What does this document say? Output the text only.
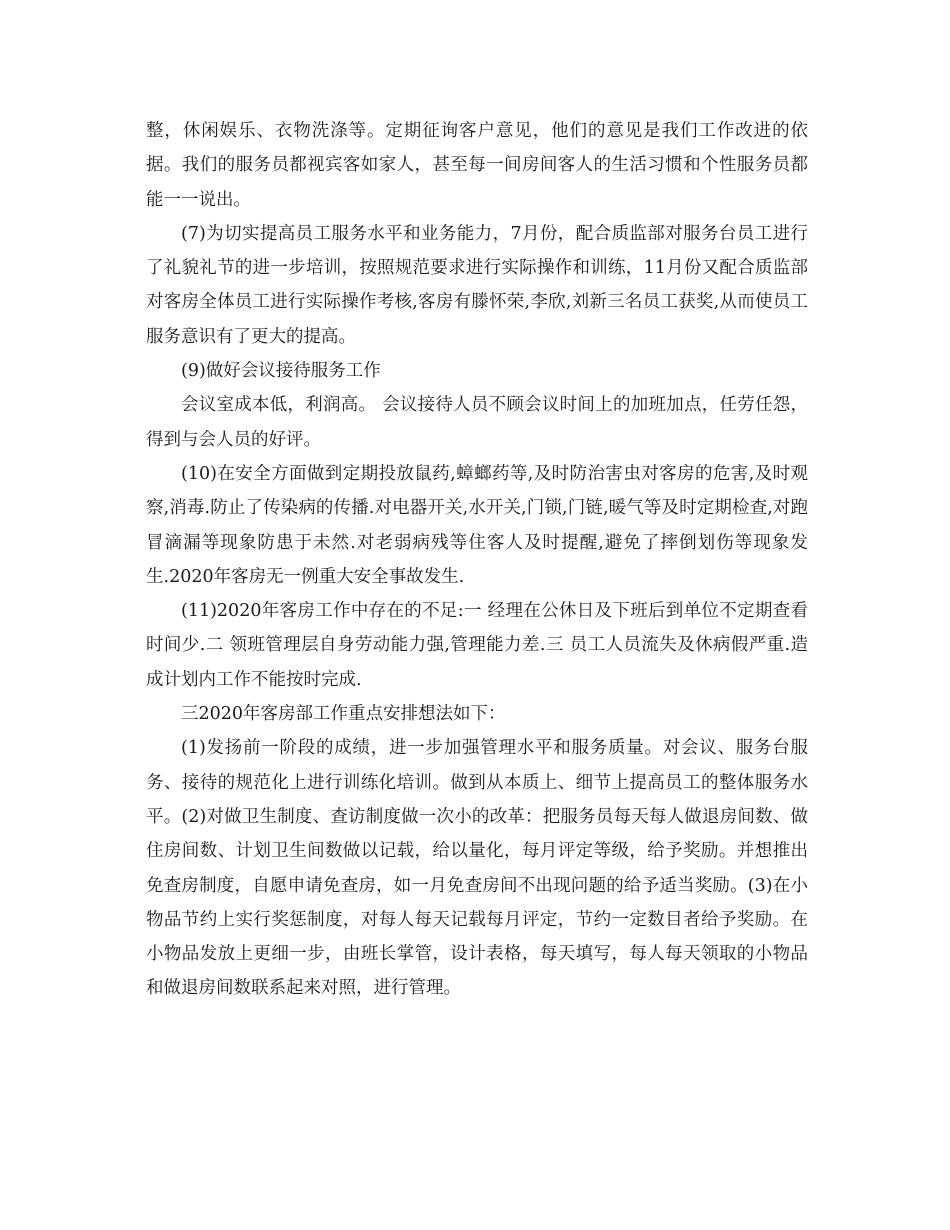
整，休闲娱乐、衣物洗涤等。定期征询客户意见，他们的意见是我们工作改进的依据。我们的服务员都视宾客如家人，甚至每一间房间客人的生活习惯和个性服务员都能一一说出。

(7)为切实提高员工服务水平和业务能力，7月份，配合质监部对服务台员工进行了礼貌礼节的进一步培训，按照规范要求进行实际操作和训练，11月份又配合质监部对客房全体员工进行实际操作考核,客房有滕怀荣,李欣,刘新三名员工获奖,从而使员工服务意识有了更大的提高。

(9)做好会议接待服务工作

会议室成本低，利润高。 会议接待人员不顾会议时间上的加班加点，任劳任怨，得到与会人员的好评。

(10)在安全方面做到定期投放鼠药,蟑螂药等,及时防治害虫对客房的危害,及时观察,消毒.防止了传染病的传播.对电器开关,水开关,门锁,门链,暖气等及时定期检查,对跑冒滴漏等现象防患于未然.对老弱病残等住客人及时提醒,避免了摔倒划伤等现象发生.2020年客房无一例重大安全事故发生.

(11)2020年客房工作中存在的不足:一 经理在公休日及下班后到单位不定期查看时间少.二 领班管理层自身劳动能力强,管理能力差.三 员工人员流失及休病假严重.造成计划内工作不能按时完成.

三2020年客房部工作重点安排想法如下：

(1)发扬前一阶段的成绩，进一步加强管理水平和服务质量。对会议、服务台服务、接待的规范化上进行训练化培训。做到从本质上、细节上提高员工的整体服务水平。(2)对做卫生制度、查访制度做一次小的改革：把服务员每天每人做退房间数、做住房间数、计划卫生间数做以记载，给以量化，每月评定等级，给予奖励。并想推出免查房制度，自愿申请免查房，如一月免查房间不出现问题的给予适当奖励。(3)在小物品节约上实行奖惩制度，对每人每天记载每月评定，节约一定数目者给予奖励。在小物品发放上更细一步，由班长掌管，设计表格，每天填写，每人每天领取的小物品和做退房间数联系起来对照，进行管理。
